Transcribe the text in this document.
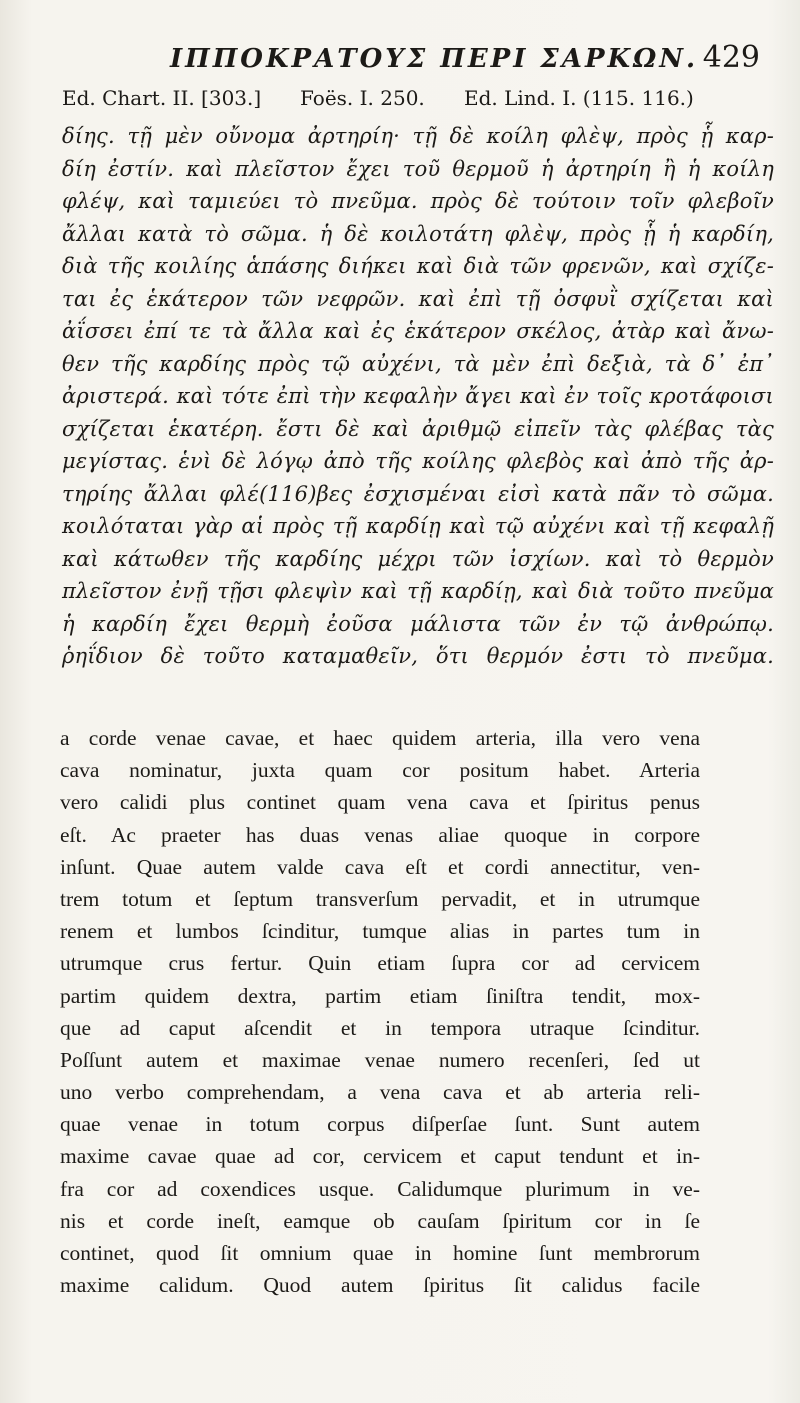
ΙΠΠΟΚΡΑΤΟΥΣ ΠΕΡΙ ΣΑΡΚΩΝ. 429
Ed. Chart. II. [303.] Foës. I. 250. Ed. Lind. I. (115. 116.)
δίης. τῇ μὲν οὔνομα ἀρτηρίη· τῇ δὲ κοίλη φλὲψ, πρὸς ᾗ καρ-
δίη ἐστίν. καὶ πλεῖστον ἔχει τοῦ θερμοῦ ἡ ἀρτηρίη ἢ ἡ κοίλη
φλέψ, καὶ ταμιεύει τὸ πνεῦμα. πρὸς δὲ τούτοιν τοῖν φλεβοῖν
ἄλλαι κατὰ τὸ σῶμα. ἡ δὲ κοιλοτάτη φλὲψ, πρὸς ᾗ ἡ καρδίη,
διὰ τῆς κοιλίης ἁπάσης διήκει καὶ διὰ τῶν φρενῶν, καὶ σχίζε-
ται ἐς ἑκάτερον τῶν νεφρῶν. καὶ ἐπὶ τῇ ὀσφυῒ σχίζεται καὶ
ἀΐσσει ἐπί τε τὰ ἄλλα καὶ ἐς ἑκάτερον σκέλος, ἀτὰρ καὶ ἄνω-
θεν τῆς καρδίης πρὸς τῷ αὐχένι, τὰ μὲν ἐπὶ δεξιὰ, τὰ δ᾽ ἐπ᾽
ἀριστερά. καὶ τότε ἐπὶ τὴν κεφαλὴν ἄγει καὶ ἐν τοῖς κροτάφοισι
σχίζεται ἑκατέρη. ἔστι δὲ καὶ ἀριθμῷ εἰπεῖν τὰς φλέβας τὰς
μεγίστας. ἑνὶ δὲ λόγῳ ἀπὸ τῆς κοίλης φλεβὸς καὶ ἀπὸ τῆς ἀρ-
τηρίης ἄλλαι φλέ(116)βες ἐσχισμέναι εἰσὶ κατὰ πᾶν τὸ σῶμα.
κοιλόταται γὰρ αἱ πρὸς τῇ καρδίῃ καὶ τῷ αὐχένι καὶ τῇ κεφαλῇ
καὶ κάτωθεν τῆς καρδίης μέχρι τῶν ἰσχίων. καὶ τὸ θερμὸν
πλεῖστον ἐνῇ τῇσι φλεψὶν καὶ τῇ καρδίῃ, καὶ διὰ τοῦτο πνεῦμα
ἡ καρδίη ἔχει θερμὴ ἐοῦσα μάλιστα τῶν ἐν τῷ ἀνθρώπῳ.
ῥηΐδιον δὲ τοῦτο καταμαθεῖν, ὅτι θερμόν ἐστι τὸ πνεῦμα.
a corde venae cavae, et haec quidem arteria, illa vero vena
cava nominatur, juxta quam cor positum habet. Arteria
vero calidi plus continet quam vena cava et ſpiritus penus
eſt. Ac praeter has duas venas aliae quoque in corpore
inſunt. Quae autem valde cava eſt et cordi annectitur, ven-
trem totum et ſeptum transverſum pervadit, et in utrumque
renem et lumbos ſcinditur, tumque alias in partes tum in
utrumque crus fertur. Quin etiam ſupra cor ad cervicem
partim quidem dextra, partim etiam ſiniſtra tendit, mox-
que ad caput aſcendit et in tempora utraque ſcinditur.
Poſſunt autem et maximae venae numero recenſeri, ſed ut
uno verbo comprehendam, a vena cava et ab arteria reli-
quae venae in totum corpus diſperſae ſunt. Sunt autem
maxime cavae quae ad cor, cervicem et caput tendunt et in-
fra cor ad coxendices usque. Calidumque plurimum in ve-
nis et corde ineſt, eamque ob cauſam ſpiritum cor in ſe
continet, quod ſit omnium quae in homine ſunt membrorum
maxime calidum. Quod autem ſpiritus ſit calidus facile
